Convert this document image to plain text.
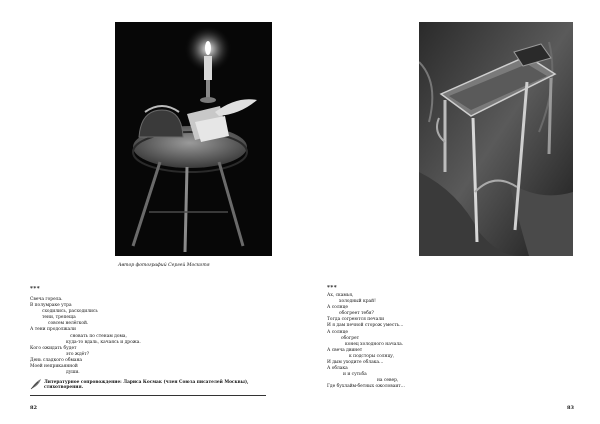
Автор фотографий Сергей Москотя
***
Свеча горела.
В полумраке утра
сходились, расходились
тени, трепеща
совсем нелёгкой.
А тени продолжали
сновать по стенам дома,
куда-то вдаль, качаясь и дрожа.
Кого ожидать будет
это ждёт?
День сладкого обмана
Моей неприкаянной
души.
Литературное сопровождение: Лариса Космак (член Союза писателей Москвы), стихотворения.
82
***
Ах, скамья,
холодный край!
А солнце
обогреет тебя?
Тогда согреются печали
И я дам печной сторож уместь...
А солнце
обогрет
конец холодного начала.
А свеча двинет
к подсторы солнцу,
И дым уходите облака...
А облака
и и сутьба
на север,
Где бухлайм-бетных ожоловаит...
83
